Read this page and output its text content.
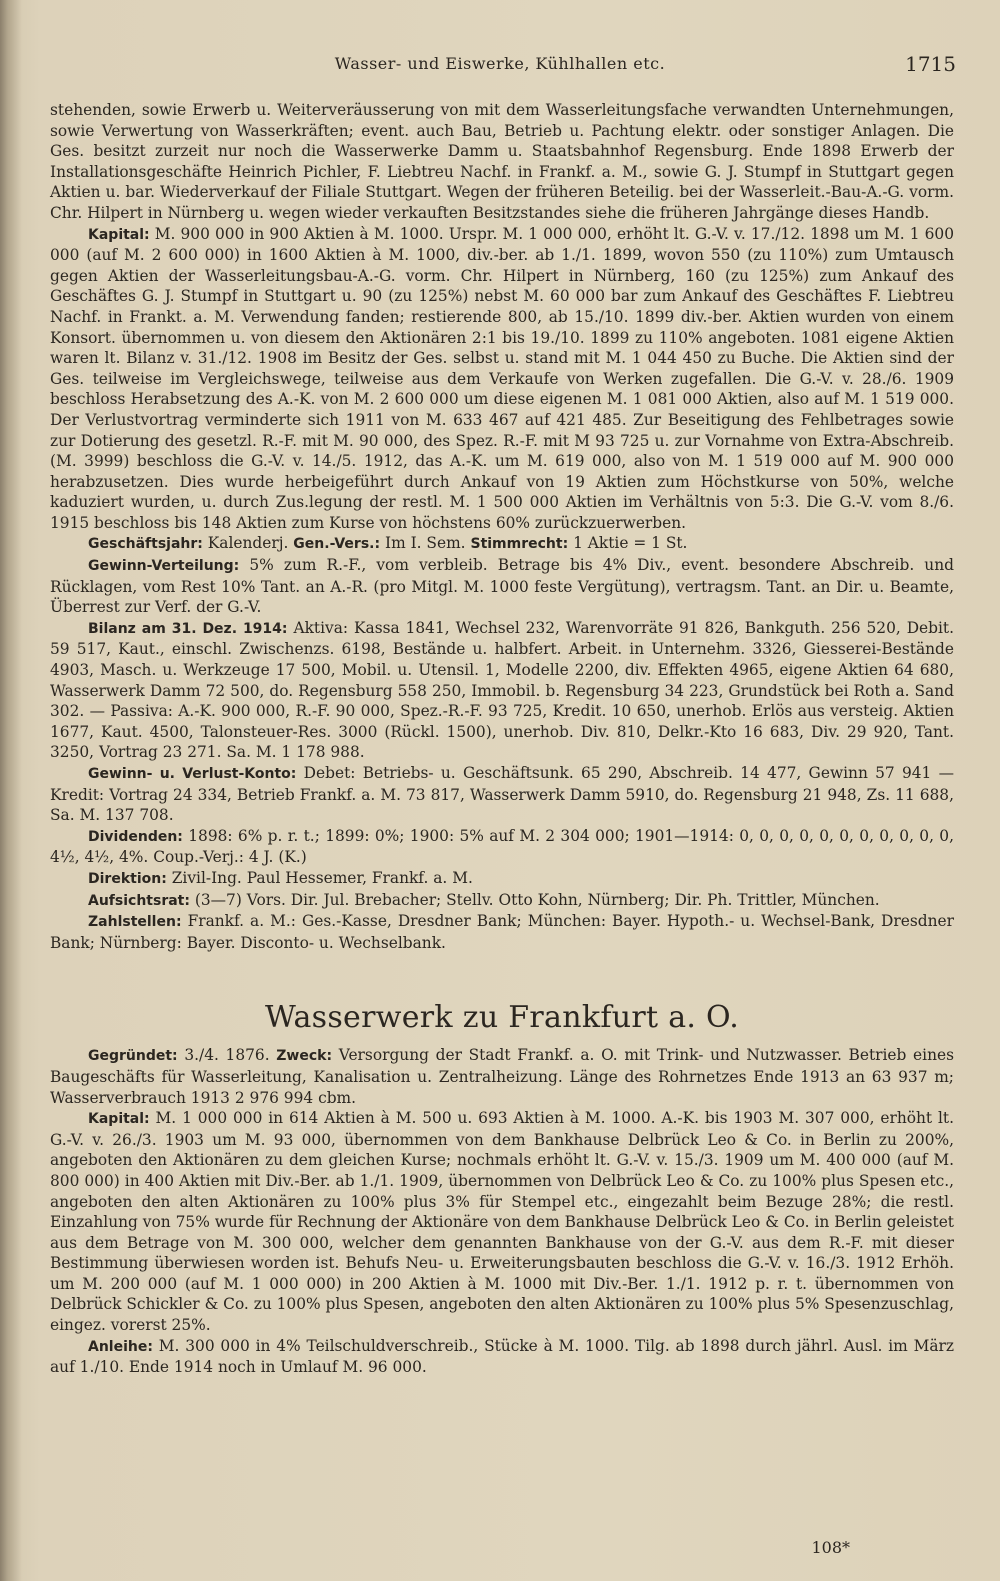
Wasser- und Eiswerke, Kühlhallen etc.	1715

stehenden, sowie Erwerb u. Weiterveräusserung von mit dem Wasserleitungsfache verwandten Unternehmungen, sowie Verwertung von Wasserkräften; event. auch Bau, Betrieb u. Pachtung elektr. oder sonstiger Anlagen. Die Ges. besitzt zurzeit nur noch die Wasserwerke Damm u. Staatsbahnhof Regensburg. Ende 1898 Erwerb der Installationsgeschäfte Heinrich Pichler, F. Liebtreu Nachf. in Frankf. a. M., sowie G. J. Stumpf in Stuttgart gegen Aktien u. bar. Wiederverkauf der Filiale Stuttgart. Wegen der früheren Beteilig. bei der Wasserleit.-Bau-A.-G. vorm. Chr. Hilpert in Nürnberg u. wegen wieder verkauften Besitzstandes siehe die früheren Jahrgänge dieses Handb.

Kapital: M. 900 000 in 900 Aktien à M. 1000. Urspr. M. 1 000 000, erhöht lt. G.-V. v. 17./12. 1898 um M. 1 600 000 (auf M. 2 600 000) in 1600 Aktien à M. 1000, div.-ber. ab 1./1. 1899, wovon 550 (zu 110%) zum Umtausch gegen Aktien der Wasserleitungsbau-A.-G. vorm. Chr. Hilpert in Nürnberg, 160 (zu 125%) zum Ankauf des Geschäftes G. J. Stumpf in Stuttgart u. 90 (zu 125%) nebst M. 60 000 bar zum Ankauf des Geschäftes F. Liebtreu Nachf. in Frankt. a. M. Verwendung fanden; restierende 800, ab 15./10. 1899 div.-ber. Aktien wurden von einem Konsort. übernommen u. von diesem den Aktionären 2:1 bis 19./10. 1899 zu 110% angeboten. 1081 eigene Aktien waren lt. Bilanz v. 31./12. 1908 im Besitz der Ges. selbst u. stand mit M. 1 044 450 zu Buche. Die Aktien sind der Ges. teilweise im Vergleichswege, teilweise aus dem Verkaufe von Werken zugefallen. Die G.-V. v. 28./6. 1909 beschloss Herabsetzung des A.-K. von M. 2 600 000 um diese eigenen M. 1 081 000 Aktien, also auf M. 1 519 000. Der Verlustvortrag verminderte sich 1911 von M. 633 467 auf 421 485. Zur Beseitigung des Fehlbetrages sowie zur Dotierung des gesetzl. R.-F. mit M. 90 000, des Spez. R.-F. mit M 93 725 u. zur Vornahme von Extra-Abschreib. (M. 3999) beschloss die G.-V. v. 14./5. 1912, das A.-K. um M. 619 000, also von M. 1 519 000 auf M. 900 000 herabzusetzen. Dies wurde herbeigeführt durch Ankauf von 19 Aktien zum Höchstkurse von 50%, welche kaduziert wurden, u. durch Zus.legung der restl. M. 1 500 000 Aktien im Verhältnis von 5:3. Die G.-V. vom 8./6. 1915 beschloss bis 148 Aktien zum Kurse von höchstens 60% zurückzuerwerben.

Geschäftsjahr: Kalenderj. Gen.-Vers.: Im I. Sem. Stimmrecht: 1 Aktie = 1 St.

Gewinn-Verteilung: 5% zum R.-F., vom verbleib. Betrage bis 4% Div., event. besondere Abschreib. und Rücklagen, vom Rest 10% Tant. an A.-R. (pro Mitgl. M. 1000 feste Vergütung), vertragsm. Tant. an Dir. u. Beamte, Überrest zur Verf. der G.-V.

Bilanz am 31. Dez. 1914: Aktiva: Kassa 1841, Wechsel 232, Warenvorräte 91 826, Bankguth. 256 520, Debit. 59 517, Kaut., einschl. Zwischenzs. 6198, Bestände u. halbfert. Arbeit. in Unternehm. 3326, Giesserei-Bestände 4903, Masch. u. Werkzeuge 17 500, Mobil. u. Utensil. 1, Modelle 2200, div. Effekten 4965, eigene Aktien 64 680, Wasserwerk Damm 72 500, do. Regensburg 558 250, Immobil. b. Regensburg 34 223, Grundstück bei Roth a. Sand 302. — Passiva: A.-K. 900 000, R.-F. 90 000, Spez.-R.-F. 93 725, Kredit. 10 650, unerhob. Erlös aus versteig. Aktien 1677, Kaut. 4500, Talonsteuer-Res. 3000 (Rückl. 1500), unerhob. Div. 810, Delkr.-Kto 16 683, Div. 29 920, Tant. 3250, Vortrag 23 271. Sa. M. 1 178 988.

Gewinn- u. Verlust-Konto: Debet: Betriebs- u. Geschäftsunk. 65 290, Abschreib. 14 477, Gewinn 57 941 — Kredit: Vortrag 24 334, Betrieb Frankf. a. M. 73 817, Wasserwerk Damm 5910, do. Regensburg 21 948, Zs. 11 688, Sa. M. 137 708.

Dividenden: 1898: 6% p. r. t.; 1899: 0%; 1900: 5% auf M. 2 304 000; 1901—1914: 0, 0, 0, 0, 0, 0, 0, 0, 0, 0, 0, 4½, 4½, 4%. Coup.-Verj.: 4 J. (K.)

Direktion: Zivil-Ing. Paul Hessemer, Frankf. a. M.

Aufsichtsrat: (3—7) Vors. Dir. Jul. Brebacher; Stellv. Otto Kohn, Nürnberg; Dir. Ph. Trittler, München.

Zahlstellen: Frankf. a. M.: Ges.-Kasse, Dresdner Bank; München: Bayer. Hypoth.- u. Wechsel-Bank, Dresdner Bank; Nürnberg: Bayer. Disconto- u. Wechselbank.

Wasserwerk zu Frankfurt a. O.

Gegründet: 3./4. 1876. Zweck: Versorgung der Stadt Frankf. a. O. mit Trink- und Nutzwasser. Betrieb eines Baugeschäfts für Wasserleitung, Kanalisation u. Zentralheizung. Länge des Rohrnetzes Ende 1913 an 63 937 m; Wasserverbrauch 1913 2 976 994 cbm.

Kapital: M. 1 000 000 in 614 Aktien à M. 500 u. 693 Aktien à M. 1000. A.-K. bis 1903 M. 307 000, erhöht lt. G.-V. v. 26./3. 1903 um M. 93 000, übernommen von dem Bankhause Delbrück Leo & Co. in Berlin zu 200%, angeboten den Aktionären zu dem gleichen Kurse; nochmals erhöht lt. G.-V. v. 15./3. 1909 um M. 400 000 (auf M. 800 000) in 400 Aktien mit Div.-Ber. ab 1./1. 1909, übernommen von Delbrück Leo & Co. zu 100% plus Spesen etc., angeboten den alten Aktionären zu 100% plus 3% für Stempel etc., eingezahlt beim Bezuge 28%; die restl. Einzahlung von 75% wurde für Rechnung der Aktionäre von dem Bankhause Delbrück Leo & Co. in Berlin geleistet aus dem Betrage von M. 300 000, welcher dem genannten Bankhause von der G.-V. aus dem R.-F. mit dieser Bestimmung überwiesen worden ist. Behufs Neu- u. Erweiterungsbauten beschloss die G.-V. v. 16./3. 1912 Erhöh. um M. 200 000 (auf M. 1 000 000) in 200 Aktien à M. 1000 mit Div.-Ber. 1./1. 1912 p. r. t. übernommen von Delbrück Schickler & Co. zu 100% plus Spesen, angeboten den alten Aktionären zu 100% plus 5% Spesenzuschlag, eingez. vorerst 25%.

Anleihe: M. 300 000 in 4% Teilschuldverschreib., Stücke à M. 1000. Tilg. ab 1898 durch jährl. Ausl. im März auf 1./10. Ende 1914 noch in Umlauf M. 96 000.

108*
